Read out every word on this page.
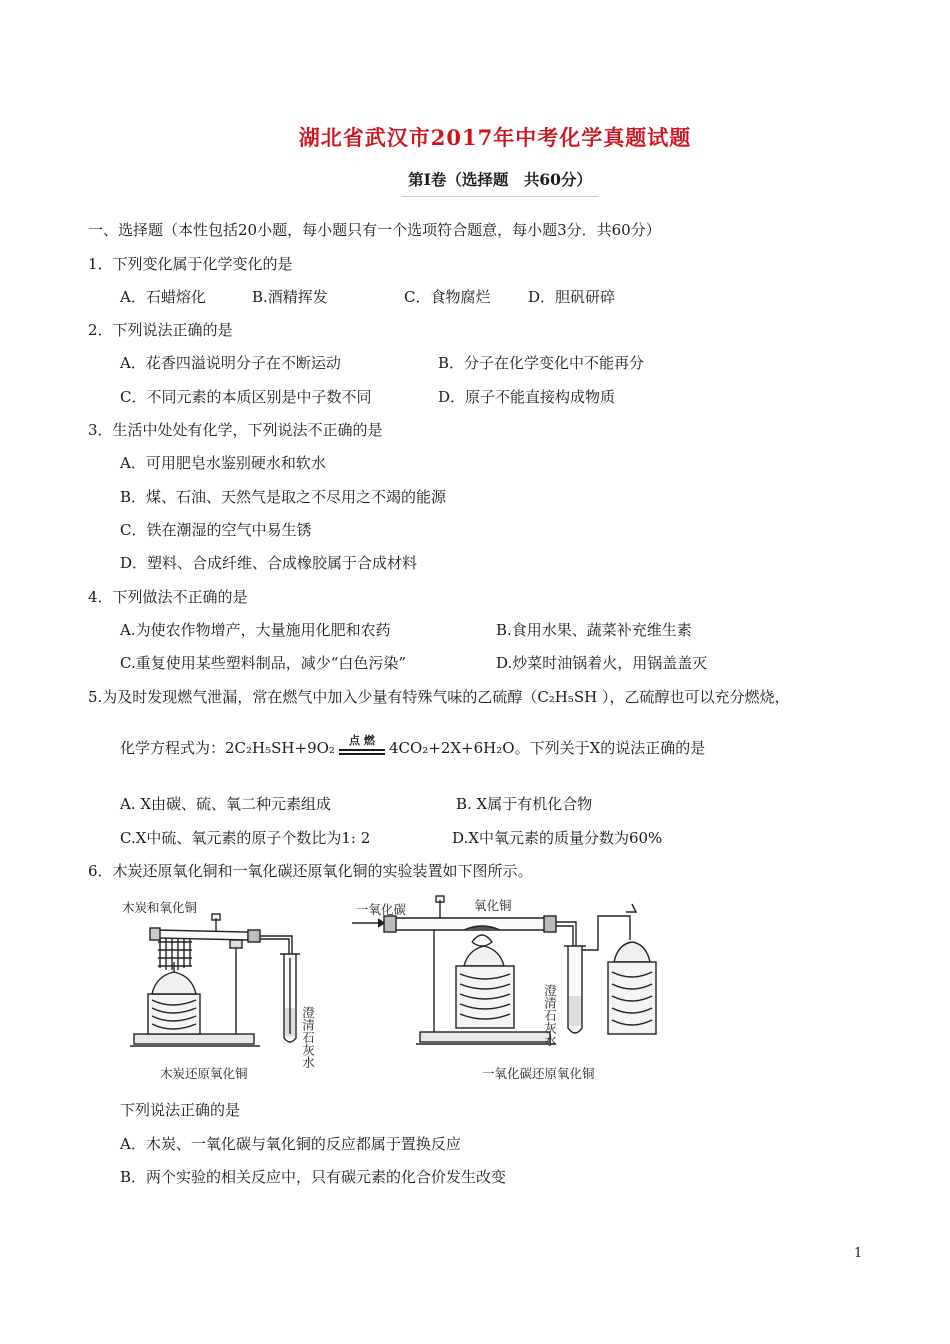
湖北省武汉市2017年中考化学真题试题
第Ⅰ卷（选择题　共60分）
一、选择题（本性包括20小题，每小题只有一个选项符合题意，每小题3分．共60分）
1．下列变化属于化学变化的是
A．石蜡熔化	B.酒精挥发	C．食物腐烂	D．胆矾研碎
2．下列说法正确的是
A．花香四溢说明分子在不断运动	B．分子在化学变化中不能再分
C．不同元素的本质区别是中子数不同	D．原子不能直接构成物质
3．生活中处处有化学，下列说法不正确的是
A．可用肥皂水鉴别硬水和软水
B．煤、石油、天然气是取之不尽用之不竭的能源
C．铁在潮湿的空气中易生锈
D．塑料、合成纤维、合成橡胶属于合成材料
4．下列做法不正确的是
A.为使农作物增产，大量施用化肥和农药	B.食用水果、蔬菜补充维生素
C.重复使用某些塑料制品，减少“白色污染”	D.炒菜时油锅着火，用锅盖盖灭
5.为及时发现燃气泄漏，常在燃气中加入少量有特殊气味的乙硫醇（C₂H₅SH ），乙硫醇也可以充分燃烧，
化学方程式为：2C₂H₅SH+9O₂	点 燃 4CO₂+2X+6H₂O。下列关于X的说法正确的是
A. X由碳、硫、氧二种元素组成	B. X属于有机化合物
C.X中硫、氧元素的原子个数比为1: 2	D.X中氧元素的质量分数为60%
6．木炭还原氧化铜和一氧化碳还原氧化铜的实验装置如下图所示。
木炭和氧化铜
澄清石灰水
木炭还原氧化铜
一氧化碳	氧化铜
澄清石灰水
一氧化碳还原氧化铜
下列说法正确的是
A．木炭、一氧化碳与氧化铜的反应都属于置换反应
B．两个实验的相关反应中，只有碳元素的化合价发生改变
1
